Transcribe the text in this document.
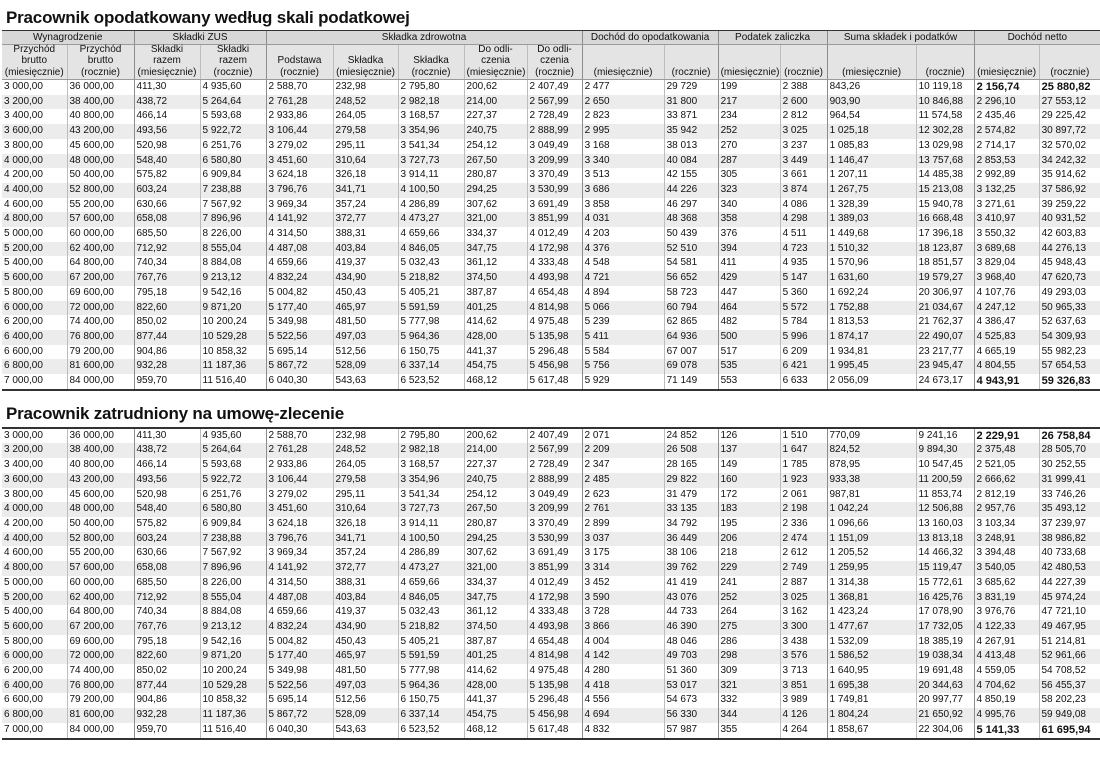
Pracownik opodatkowany według skali podatkowej
Wynagrodzenie		Składki ZUS		Składka zdrowotna					Dochód do opodatkowania		Podatek zaliczka		Suma składek i podatków		Dochód netto	
Przychód	Przychód	Składki	Składki				Do odli-	Do odli-								
brutto	brutto	razem	razem	Podstawa	Składka	Składka	czenia	czenia								
(miesięcznie)	(rocznie)	(miesięcznie)	(rocznie)	(rocznie)	(miesięcznie)	(rocznie)	(miesięcznie)	(rocznie)	(miesięcznie)	(rocznie)	(miesięcznie)	(rocznie)	(miesięcznie)	(rocznie)	(miesięcznie)	(rocznie)
3 000,00	36 000,00	411,30	4 935,60	2 588,70	232,98	2 795,80	200,62	2 407,49	2 477	29 729	199	2 388	843,26	10 119,18	2 156,74	25 880,82
3 200,00	38 400,00	438,72	5 264,64	2 761,28	248,52	2 982,18	214,00	2 567,99	2 650	31 800	217	2 600	903,90	10 846,88	2 296,10	27 553,12
3 400,00	40 800,00	466,14	5 593,68	2 933,86	264,05	3 168,57	227,37	2 728,49	2 823	33 871	234	2 812	964,54	11 574,58	2 435,46	29 225,42
3 600,00	43 200,00	493,56	5 922,72	3 106,44	279,58	3 354,96	240,75	2 888,99	2 995	35 942	252	3 025	1 025,18	12 302,28	2 574,82	30 897,72
3 800,00	45 600,00	520,98	6 251,76	3 279,02	295,11	3 541,34	254,12	3 049,49	3 168	38 013	270	3 237	1 085,83	13 029,98	2 714,17	32 570,02
4 000,00	48 000,00	548,40	6 580,80	3 451,60	310,64	3 727,73	267,50	3 209,99	3 340	40 084	287	3 449	1 146,47	13 757,68	2 853,53	34 242,32
4 200,00	50 400,00	575,82	6 909,84	3 624,18	326,18	3 914,11	280,87	3 370,49	3 513	42 155	305	3 661	1 207,11	14 485,38	2 992,89	35 914,62
4 400,00	52 800,00	603,24	7 238,88	3 796,76	341,71	4 100,50	294,25	3 530,99	3 686	44 226	323	3 874	1 267,75	15 213,08	3 132,25	37 586,92
4 600,00	55 200,00	630,66	7 567,92	3 969,34	357,24	4 286,89	307,62	3 691,49	3 858	46 297	340	4 086	1 328,39	15 940,78	3 271,61	39 259,22
4 800,00	57 600,00	658,08	7 896,96	4 141,92	372,77	4 473,27	321,00	3 851,99	4 031	48 368	358	4 298	1 389,03	16 668,48	3 410,97	40 931,52
5 000,00	60 000,00	685,50	8 226,00	4 314,50	388,31	4 659,66	334,37	4 012,49	4 203	50 439	376	4 511	1 449,68	17 396,18	3 550,32	42 603,83
5 200,00	62 400,00	712,92	8 555,04	4 487,08	403,84	4 846,05	347,75	4 172,98	4 376	52 510	394	4 723	1 510,32	18 123,87	3 689,68	44 276,13
5 400,00	64 800,00	740,34	8 884,08	4 659,66	419,37	5 032,43	361,12	4 333,48	4 548	54 581	411	4 935	1 570,96	18 851,57	3 829,04	45 948,43
5 600,00	67 200,00	767,76	9 213,12	4 832,24	434,90	5 218,82	374,50	4 493,98	4 721	56 652	429	5 147	1 631,60	19 579,27	3 968,40	47 620,73
5 800,00	69 600,00	795,18	9 542,16	5 004,82	450,43	5 405,21	387,87	4 654,48	4 894	58 723	447	5 360	1 692,24	20 306,97	4 107,76	49 293,03
6 000,00	72 000,00	822,60	9 871,20	5 177,40	465,97	5 591,59	401,25	4 814,98	5 066	60 794	464	5 572	1 752,88	21 034,67	4 247,12	50 965,33
6 200,00	74 400,00	850,02	10 200,24	5 349,98	481,50	5 777,98	414,62	4 975,48	5 239	62 865	482	5 784	1 813,53	21 762,37	4 386,47	52 637,63
6 400,00	76 800,00	877,44	10 529,28	5 522,56	497,03	5 964,36	428,00	5 135,98	5 411	64 936	500	5 996	1 874,17	22 490,07	4 525,83	54 309,93
6 600,00	79 200,00	904,86	10 858,32	5 695,14	512,56	6 150,75	441,37	5 296,48	5 584	67 007	517	6 209	1 934,81	23 217,77	4 665,19	55 982,23
6 800,00	81 600,00	932,28	11 187,36	5 867,72	528,09	6 337,14	454,75	5 456,98	5 756	69 078	535	6 421	1 995,45	23 945,47	4 804,55	57 654,53
7 000,00	84 000,00	959,70	11 516,40	6 040,30	543,63	6 523,52	468,12	5 617,48	5 929	71 149	553	6 633	2 056,09	24 673,17	4 943,91	59 326,83
Pracownik zatrudniony na umowę-zlecenie
3 000,00	36 000,00	411,30	4 935,60	2 588,70	232,98	2 795,80	200,62	2 407,49	2 071	24 852	126	1 510	770,09	9 241,16	2 229,91	26 758,84
3 200,00	38 400,00	438,72	5 264,64	2 761,28	248,52	2 982,18	214,00	2 567,99	2 209	26 508	137	1 647	824,52	9 894,30	2 375,48	28 505,70
3 400,00	40 800,00	466,14	5 593,68	2 933,86	264,05	3 168,57	227,37	2 728,49	2 347	28 165	149	1 785	878,95	10 547,45	2 521,05	30 252,55
3 600,00	43 200,00	493,56	5 922,72	3 106,44	279,58	3 354,96	240,75	2 888,99	2 485	29 822	160	1 923	933,38	11 200,59	2 666,62	31 999,41
3 800,00	45 600,00	520,98	6 251,76	3 279,02	295,11	3 541,34	254,12	3 049,49	2 623	31 479	172	2 061	987,81	11 853,74	2 812,19	33 746,26
4 000,00	48 000,00	548,40	6 580,80	3 451,60	310,64	3 727,73	267,50	3 209,99	2 761	33 135	183	2 198	1 042,24	12 506,88	2 957,76	35 493,12
4 200,00	50 400,00	575,82	6 909,84	3 624,18	326,18	3 914,11	280,87	3 370,49	2 899	34 792	195	2 336	1 096,66	13 160,03	3 103,34	37 239,97
4 400,00	52 800,00	603,24	7 238,88	3 796,76	341,71	4 100,50	294,25	3 530,99	3 037	36 449	206	2 474	1 151,09	13 813,18	3 248,91	38 986,82
4 600,00	55 200,00	630,66	7 567,92	3 969,34	357,24	4 286,89	307,62	3 691,49	3 175	38 106	218	2 612	1 205,52	14 466,32	3 394,48	40 733,68
4 800,00	57 600,00	658,08	7 896,96	4 141,92	372,77	4 473,27	321,00	3 851,99	3 314	39 762	229	2 749	1 259,95	15 119,47	3 540,05	42 480,53
5 000,00	60 000,00	685,50	8 226,00	4 314,50	388,31	4 659,66	334,37	4 012,49	3 452	41 419	241	2 887	1 314,38	15 772,61	3 685,62	44 227,39
5 200,00	62 400,00	712,92	8 555,04	4 487,08	403,84	4 846,05	347,75	4 172,98	3 590	43 076	252	3 025	1 368,81	16 425,76	3 831,19	45 974,24
5 400,00	64 800,00	740,34	8 884,08	4 659,66	419,37	5 032,43	361,12	4 333,48	3 728	44 733	264	3 162	1 423,24	17 078,90	3 976,76	47 721,10
5 600,00	67 200,00	767,76	9 213,12	4 832,24	434,90	5 218,82	374,50	4 493,98	3 866	46 390	275	3 300	1 477,67	17 732,05	4 122,33	49 467,95
5 800,00	69 600,00	795,18	9 542,16	5 004,82	450,43	5 405,21	387,87	4 654,48	4 004	48 046	286	3 438	1 532,09	18 385,19	4 267,91	51 214,81
6 000,00	72 000,00	822,60	9 871,20	5 177,40	465,97	5 591,59	401,25	4 814,98	4 142	49 703	298	3 576	1 586,52	19 038,34	4 413,48	52 961,66
6 200,00	74 400,00	850,02	10 200,24	5 349,98	481,50	5 777,98	414,62	4 975,48	4 280	51 360	309	3 713	1 640,95	19 691,48	4 559,05	54 708,52
6 400,00	76 800,00	877,44	10 529,28	5 522,56	497,03	5 964,36	428,00	5 135,98	4 418	53 017	321	3 851	1 695,38	20 344,63	4 704,62	56 455,37
6 600,00	79 200,00	904,86	10 858,32	5 695,14	512,56	6 150,75	441,37	5 296,48	4 556	54 673	332	3 989	1 749,81	20 997,77	4 850,19	58 202,23
6 800,00	81 600,00	932,28	11 187,36	5 867,72	528,09	6 337,14	454,75	5 456,98	4 694	56 330	344	4 126	1 804,24	21 650,92	4 995,76	59 949,08
7 000,00	84 000,00	959,70	11 516,40	6 040,30	543,63	6 523,52	468,12	5 617,48	4 832	57 987	355	4 264	1 858,67	22 304,06	5 141,33	61 695,94
